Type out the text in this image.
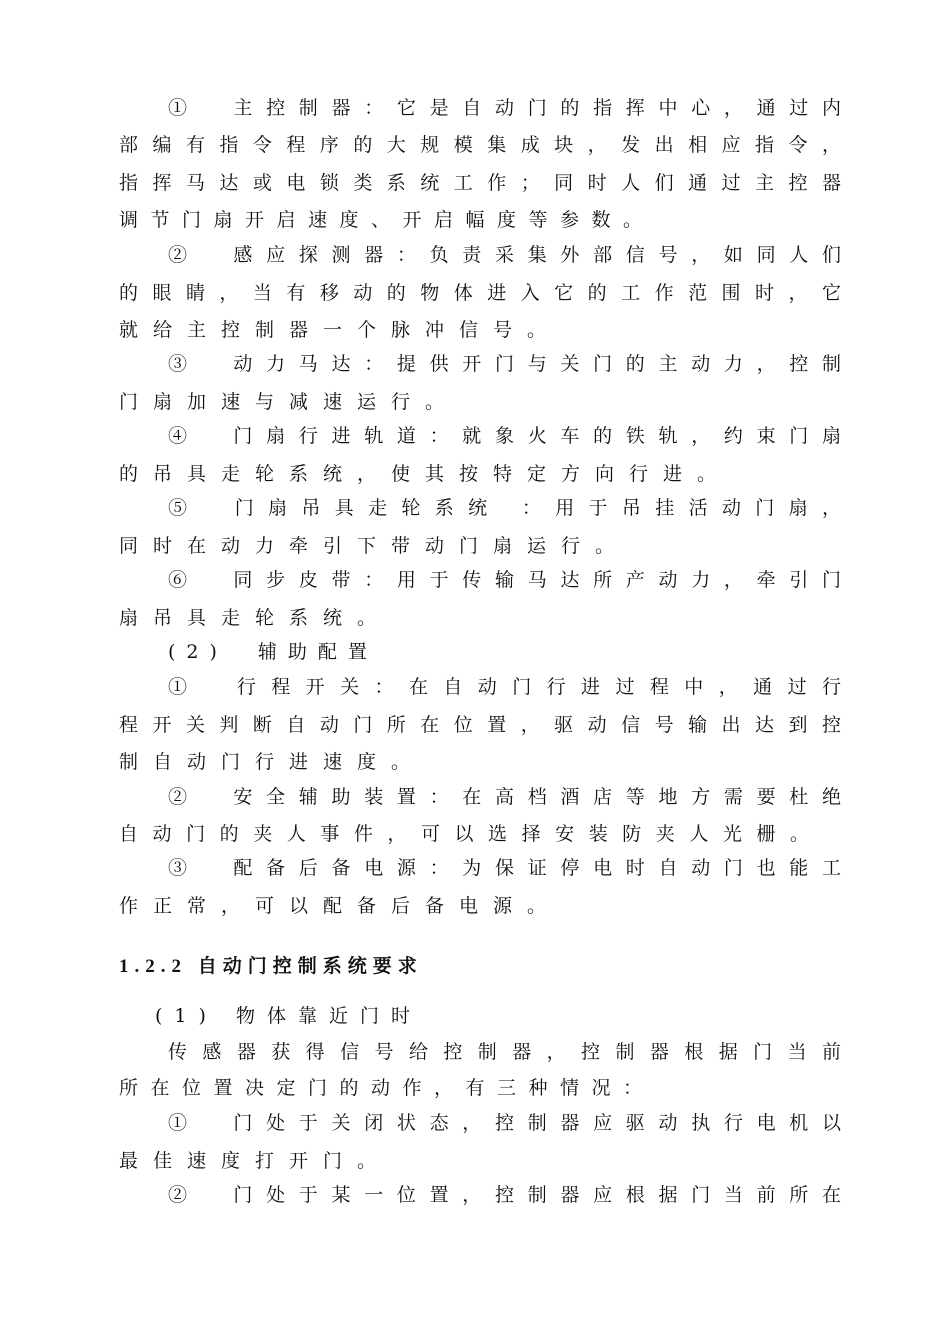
①　主控制器：它是自动门的指挥中心，通过内
部编有指令程序的大规模集成块，发出相应指令，
指挥马达或电锁类系统工作；同时人们通过主控器
调节门扇开启速度、开启幅度等参数。
②　感应探测器：负责采集外部信号，如同人们
的眼睛，当有移动的物体进入它的工作范围时，它
就给主控制器一个脉冲信号。
③　动力马达：提供开门与关门的主动力，控制
门扇加速与减速运行。
④　门扇行进轨道：就象火车的铁轨，约束门扇
的吊具走轮系统，使其按特定方向行进。
⑤　门扇吊具走轮系统 ：用于吊挂活动门扇，
同时在动力牵引下带动门扇运行。
⑥　同步皮带：用于传输马达所产动力，牵引门
扇吊具走轮系统。
(2)　辅助配置
①　行程开关：在自动门行进过程中，通过行
程开关判断自动门所在位置，驱动信号输出达到控
制自动门行进速度。
②　安全辅助装置：在高档酒店等地方需要杜绝
自动门的夹人事件，可以选择安装防夹人光栅。
③　配备后备电源：为保证停电时自动门也能工
作正常，可以配备后备电源。
1.2.2 自动门控制系统要求
(1) 物体靠近门时
传感器获得信号给控制器，控制器根据门当前
所在位置决定门的动作，有三种情况：
①　门处于关闭状态，控制器应驱动执行电机以
最佳速度打开门。
②　门处于某一位置，控制器应根据门当前所在
